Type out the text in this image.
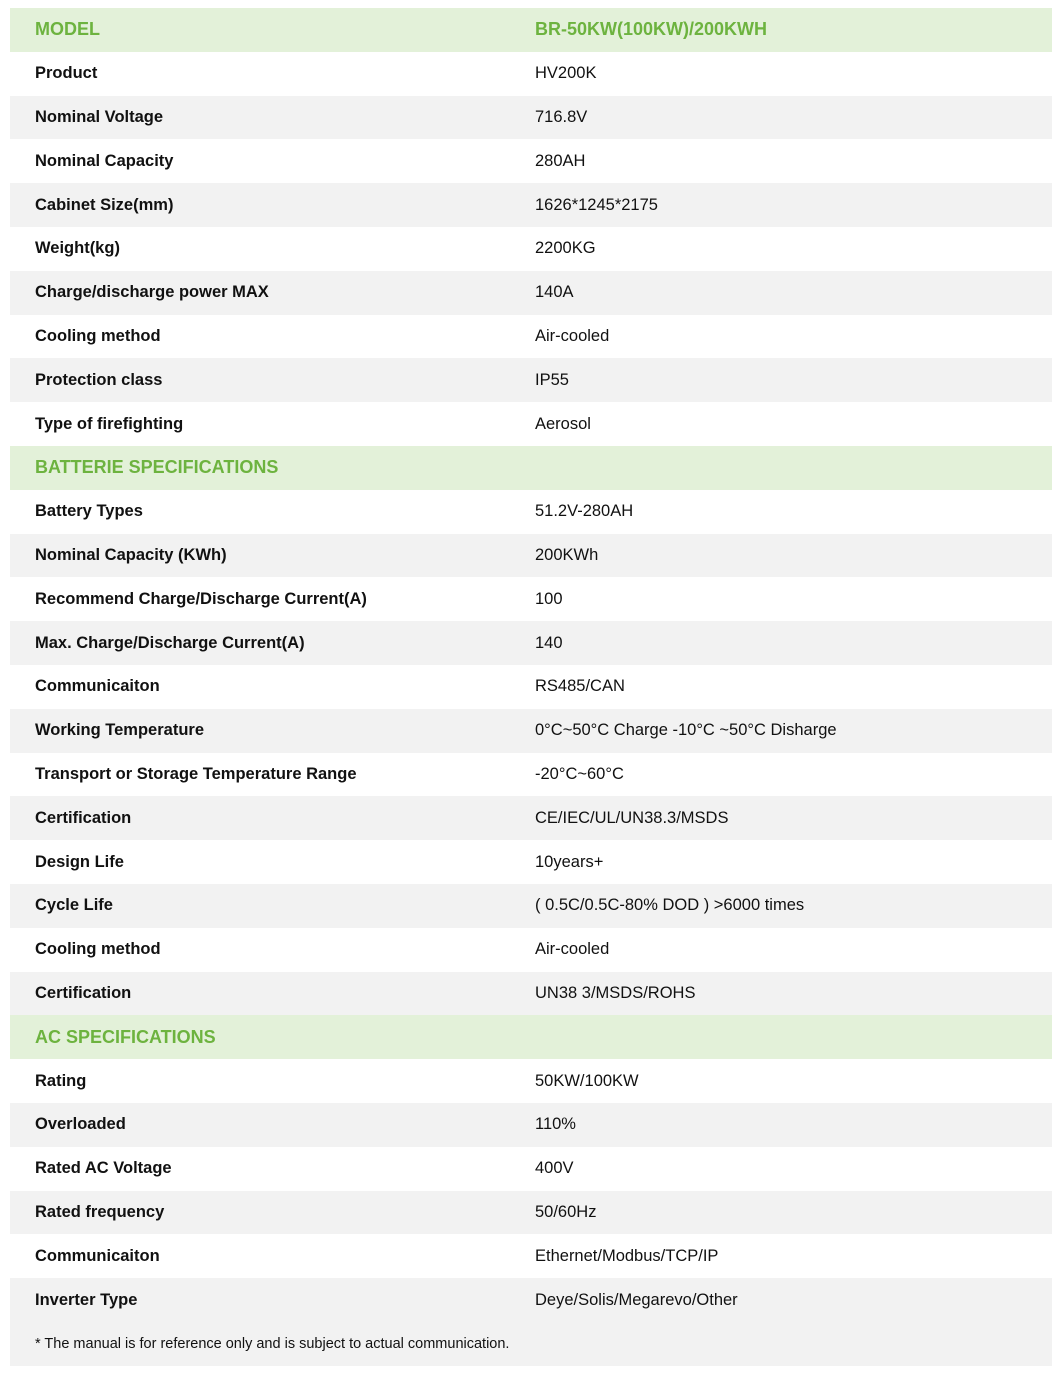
MODEL	BR-50KW(100KW)/200KWH
Product	HV200K
Nominal Voltage	716.8V
Nominal Capacity	280AH
Cabinet Size(mm)	1626*1245*2175
Weight(kg)	2200KG
Charge/discharge power MAX	140A
Cooling method	Air-cooled
Protection class	IP55
Type of firefighting	Aerosol
BATTERIE SPECIFICATIONS
Battery Types	51.2V-280AH
Nominal Capacity (KWh)	200KWh
Recommend Charge/Discharge Current(A)	100
Max. Charge/Discharge Current(A)	140
Communicaiton	RS485/CAN
Working Temperature	0°C~50°C Charge -10°C ~50°C Disharge
Transport or Storage Temperature Range	-20°C~60°C
Certification	CE/IEC/UL/UN38.3/MSDS
Design Life	10years+
Cycle Life	( 0.5C/0.5C-80% DOD ) >6000 times
Cooling method	Air-cooled
Certification	UN38 3/MSDS/ROHS
AC SPECIFICATIONS
Rating	50KW/100KW
Overloaded	110%
Rated AC Voltage	400V
Rated frequency	50/60Hz
Communicaiton	Ethernet/Modbus/TCP/IP
Inverter Type	Deye/Solis/Megarevo/Other
* The manual is for reference only and is subject to actual communication.
